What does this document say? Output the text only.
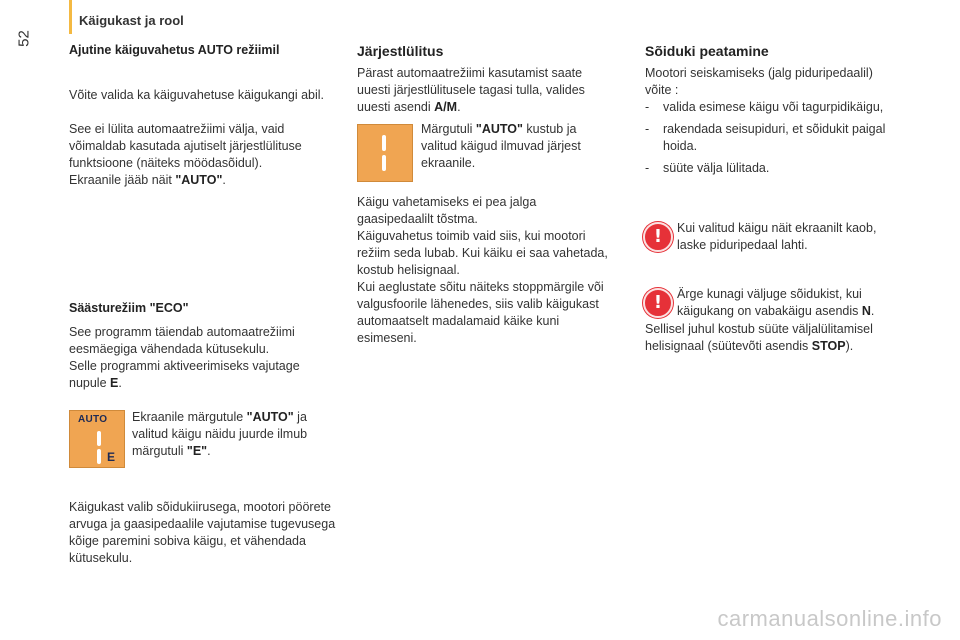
52
Käigukast ja rool
Ajutine käiguvahetus AUTO režiimil
Võite valida ka käiguvahetuse käigukangi abil.
See ei lülita automaatrežiimi välja, vaid võimaldab kasutada ajutiselt järjestlülituse funktsioone (näiteks möödasõidul).
Ekraanile jääb näit "AUTO".
Säästurežiim "ECO"
See programm täiendab automaatrežiimi eesmäegiga vähendada kütusekulu.
Selle programmi aktiveerimiseks vajutage nupule E.
AUTO
E
Ekraanile märgutule "AUTO" ja valitud käigu näidu juurde ilmub märgutuli "E".
Käigukast valib sõidukiirusega, mootori pöörete arvuga ja gaasipedaalile vajutamise tugevusega kõige paremini sobiva käigu, et vähendada kütusekulu.
Järjestlülitus
Pärast automaatrežiimi kasutamist saate uuesti järjestlülitusele tagasi tulla, valides uuesti asendi A/M.
Märgutuli "AUTO" kustub ja valitud käigud ilmuvad järjest ekraanile.
Käigu vahetamiseks ei pea jalga gaasipedaalilt tõstma.
Käiguvahetus toimib vaid siis, kui mootori režiim seda lubab. Kui käiku ei saa vahetada, kostub helisignaal.
Kui aeglustate sõitu näiteks stoppmärgile või valgusfoorile lähenedes, siis valib käigukast automaatselt madalamaid käike kuni esimeseni.
Sõiduki peatamine
Mootori seiskamiseks (jalg piduripedaalil) võite :
- valida esimese käigu või tagurpidikäigu,
- rakendada seisupiduri, et sõidukit paigal hoida.
- süüte välja lülitada.
!	Kui valitud käigu näit ekraanilt kaob, laske piduripedaal lahti.
!	Ärge kunagi väljuge sõidukist, kui käigukang on vabakäigu asendis N.
Sellisel juhul kostub süüte väljalülitamisel helisignaal (süütevõti asendis STOP).
carmanualsonline.info
